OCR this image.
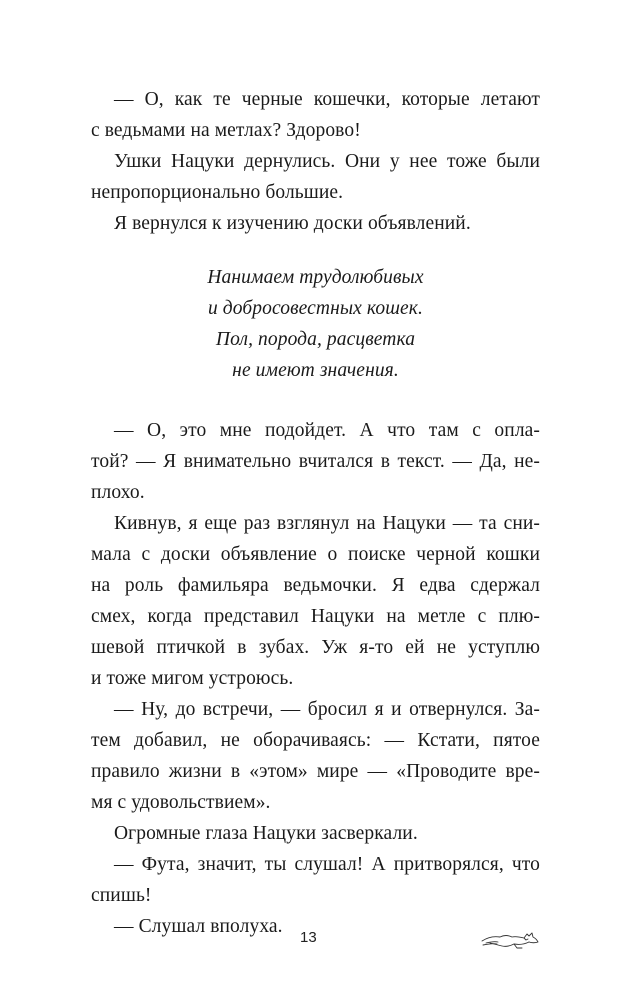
— О, как те черные кошечки, которые летают
с ведьмами на метлах? Здорово!
Ушки Нацуки дернулись. Они у нее тоже были
непропорционально большие.
Я вернулся к изучению доски объявлений.
Нанимаем трудолюбивых
и добросовестных кошек.
Пол, порода, расцветка
не имеют значения.
— О, это мне подойдет. А что там с опла-
той? — Я внимательно вчитался в текст. — Да, не-
плохо.
Кивнув, я еще раз взглянул на Нацуки — та сни-
мала с доски объявление о поиске черной кошки
на роль фамильяра ведьмочки. Я едва сдержал
смех, когда представил Нацуки на метле с плю-
шевой птичкой в зубах. Уж я-то ей не уступлю
и тоже мигом устроюсь.
— Ну, до встречи, — бросил я и отвернулся. За-
тем добавил, не оборачиваясь: — Кстати, пятое
правило жизни в «этом» мире — «Проводите вре-
мя с удовольствием».
Огромные глаза Нацуки засверкали.
— Фута, значит, ты слушал! А притворялся, что
спишь!
— Слушал вполуха.
13
